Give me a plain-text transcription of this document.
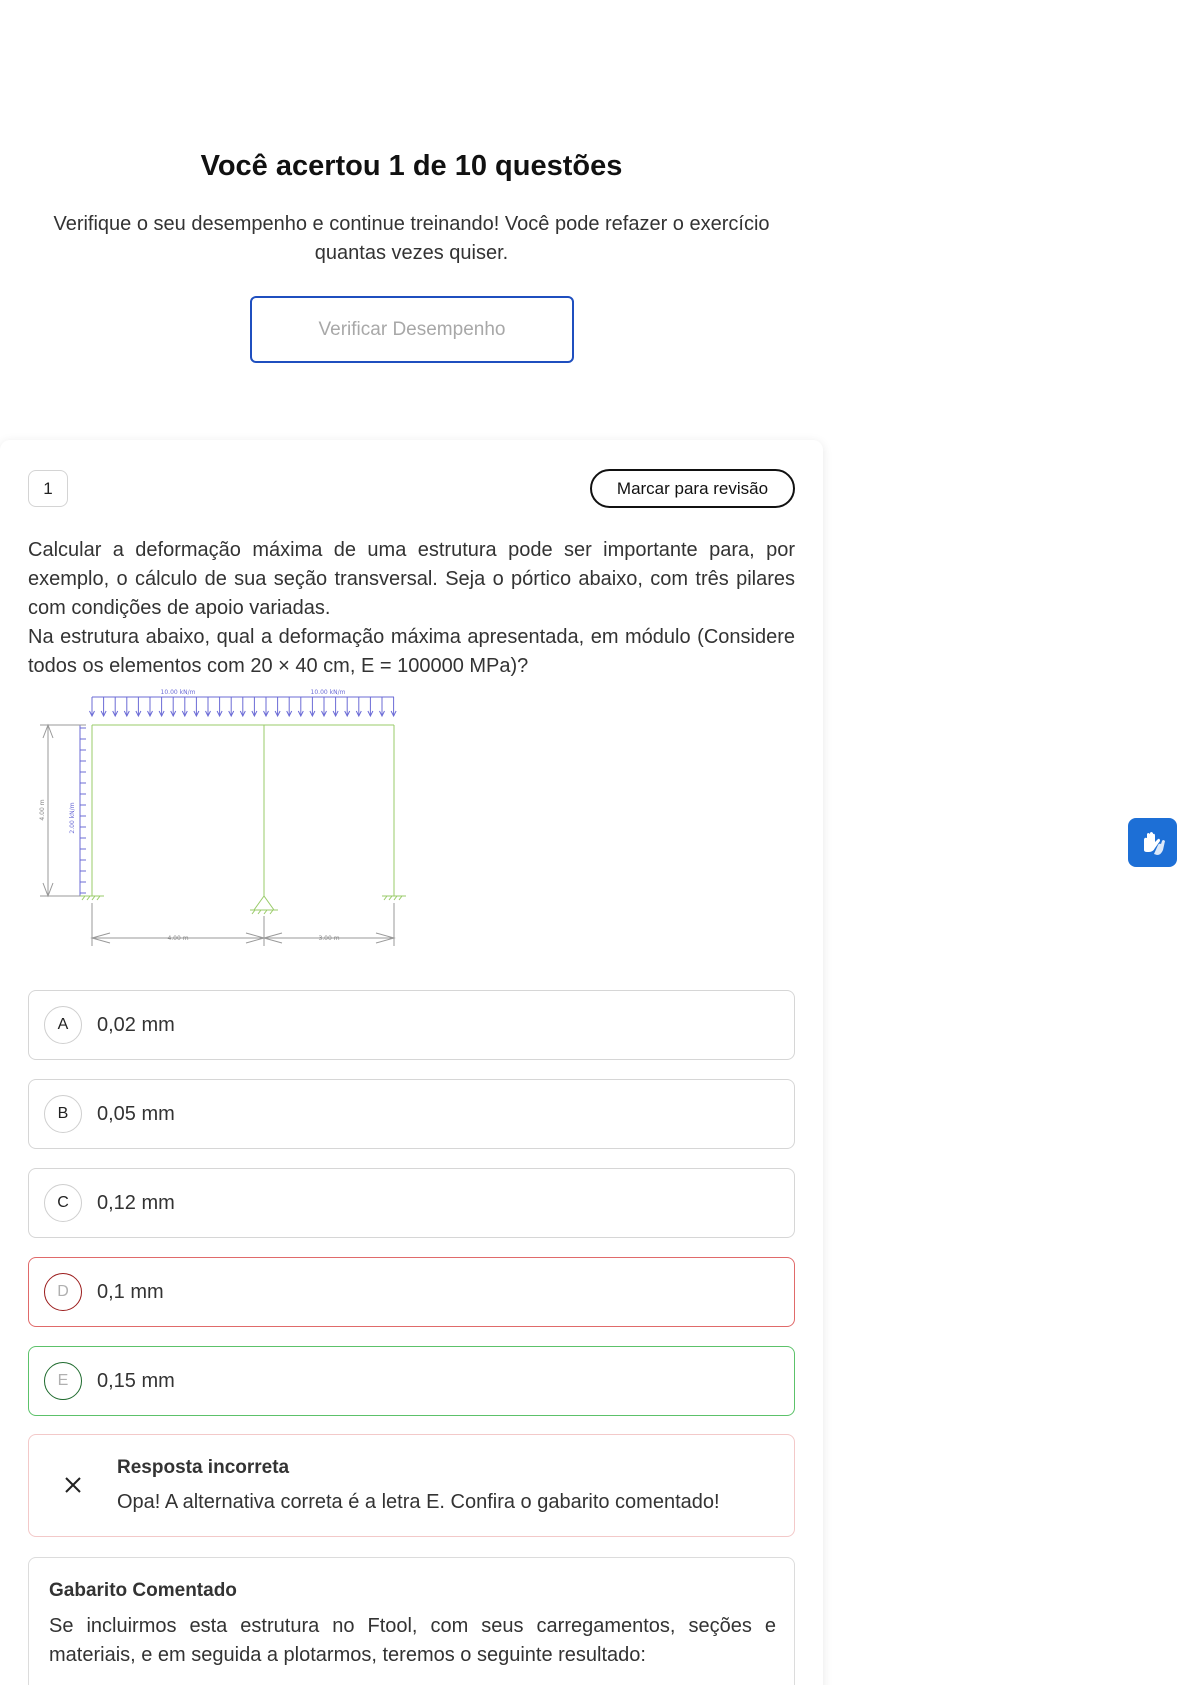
Você acertou 1 de 10 questões

Verifique o seu desempenho e continue treinando! Você pode refazer o exercício quantas vezes quiser.

Verificar Desempenho
1	Marcar para revisão
Calcular a deformação máxima de uma estrutura pode ser importante para, por exemplo, o cálculo de sua seção transversal. Seja o pórtico abaixo, com três pilares com condições de apoio variadas.
Na estrutura abaixo, qual a deformação máxima apresentada, em módulo (Considere todos os elementos com 20 × 40 cm, E = 100000 MPa)?
10.00 kN/m	10.00 kN/m
2.00 kN/m
4.00 m
4.00 m	3.00 m
A	0,02 mm
B	0,05 mm
C	0,12 mm
D	0,1 mm
E	0,15 mm
Resposta incorreta
Opa! A alternativa correta é a letra E. Confira o gabarito comentado!
Gabarito Comentado
Se incluirmos esta estrutura no Ftool, com seus carregamentos, seções e materiais, e em seguida a plotarmos, teremos o seguinte resultado:
